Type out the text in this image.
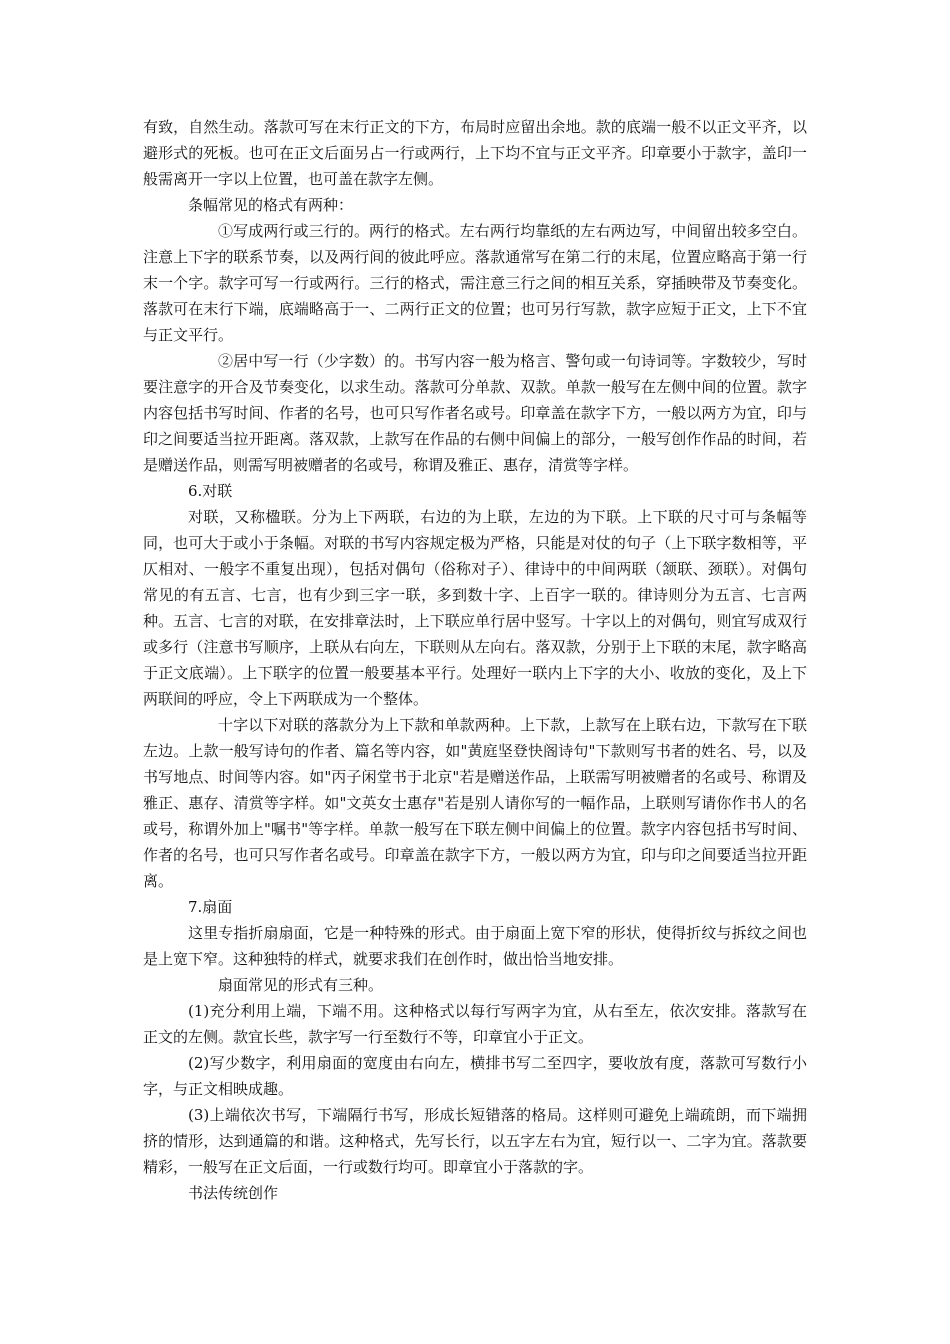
有致，自然生动。落款可写在末行正文的下方，布局时应留出余地。款的底端一般不以正文平齐，以避形式的死板。也可在正文后面另占一行或两行，上下均不宜与正文平齐。印章要小于款字，盖印一般需离开一字以上位置，也可盖在款字左侧。

条幅常见的格式有两种：

①写成两行或三行的。两行的格式。左右两行均靠纸的左右两边写，中间留出较多空白。注意上下字的联系节奏，以及两行间的彼此呼应。落款通常写在第二行的末尾，位置应略高于第一行末一个字。款字可写一行或两行。三行的格式，需注意三行之间的相互关系，穿插映带及节奏变化。落款可在末行下端，底端略高于一、二两行正文的位置；也可另行写款，款字应短于正文，上下不宜与正文平行。

②居中写一行（少字数）的。书写内容一般为格言、警句或一句诗词等。字数较少，写时要注意字的开合及节奏变化，以求生动。落款可分单款、双款。单款一般写在左侧中间的位置。款字内容包括书写时间、作者的名号，也可只写作者名或号。印章盖在款字下方，一般以两方为宜，印与印之间要适当拉开距离。落双款，上款写在作品的右侧中间偏上的部分，一般写创作作品的时间，若是赠送作品，则需写明被赠者的名或号，称谓及雅正、惠存，清赏等字样。

6.对联

对联，又称楹联。分为上下两联，右边的为上联，左边的为下联。上下联的尺寸可与条幅等同，也可大于或小于条幅。对联的书写内容规定极为严格，只能是对仗的句子（上下联字数相等，平仄相对、一般字不重复出现），包括对偶句（俗称对子）、律诗中的中间两联（颔联、颈联）。对偶句常见的有五言、七言，也有少到三字一联，多到数十字、上百字一联的。律诗则分为五言、七言两种。五言、七言的对联，在安排章法时，上下联应单行居中竖写。十字以上的对偶句，则宜写成双行或多行（注意书写顺序，上联从右向左，下联则从左向右。落双款，分别于上下联的末尾，款字略高于正文底端）。上下联字的位置一般要基本平行。处理好一联内上下字的大小、收放的变化，及上下两联间的呼应，令上下两联成为一个整体。

十字以下对联的落款分为上下款和单款两种。上下款，上款写在上联右边，下款写在下联左边。上款一般写诗句的作者、篇名等内容，如"黄庭坚登快阁诗句"下款则写书者的姓名、号，以及书写地点、时间等内容。如"丙子闲堂书于北京"若是赠送作品，上联需写明被赠者的名或号、称谓及雅正、惠存、清赏等字样。如"文英女士惠存"若是别人请你写的一幅作品，上联则写请你作书人的名或号，称谓外加上"嘱书"等字样。单款一般写在下联左侧中间偏上的位置。款字内容包括书写时间、作者的名号，也可只写作者名或号。印章盖在款字下方，一般以两方为宜，印与印之间要适当拉开距离。

7.扇面

这里专指折扇扇面，它是一种特殊的形式。由于扇面上宽下窄的形状，使得折纹与拆纹之间也是上宽下窄。这种独特的样式，就要求我们在创作时，做出恰当地安排。

扇面常见的形式有三种。

(1)充分利用上端，下端不用。这种格式以每行写两字为宜，从右至左，依次安排。落款写在正文的左侧。款宜长些，款字写一行至数行不等，印章宜小于正文。

(2)写少数字，利用扇面的宽度由右向左，横排书写二至四字，要收放有度，落款可写数行小字，与正文相映成趣。

(3)上端依次书写，下端隔行书写，形成长短错落的格局。这样则可避免上端疏朗，而下端拥挤的情形，达到通篇的和谐。这种格式，先写长行，以五字左右为宜，短行以一、二字为宜。落款要精彩，一般写在正文后面，一行或数行均可。即章宜小于落款的字。

书法传统创作
